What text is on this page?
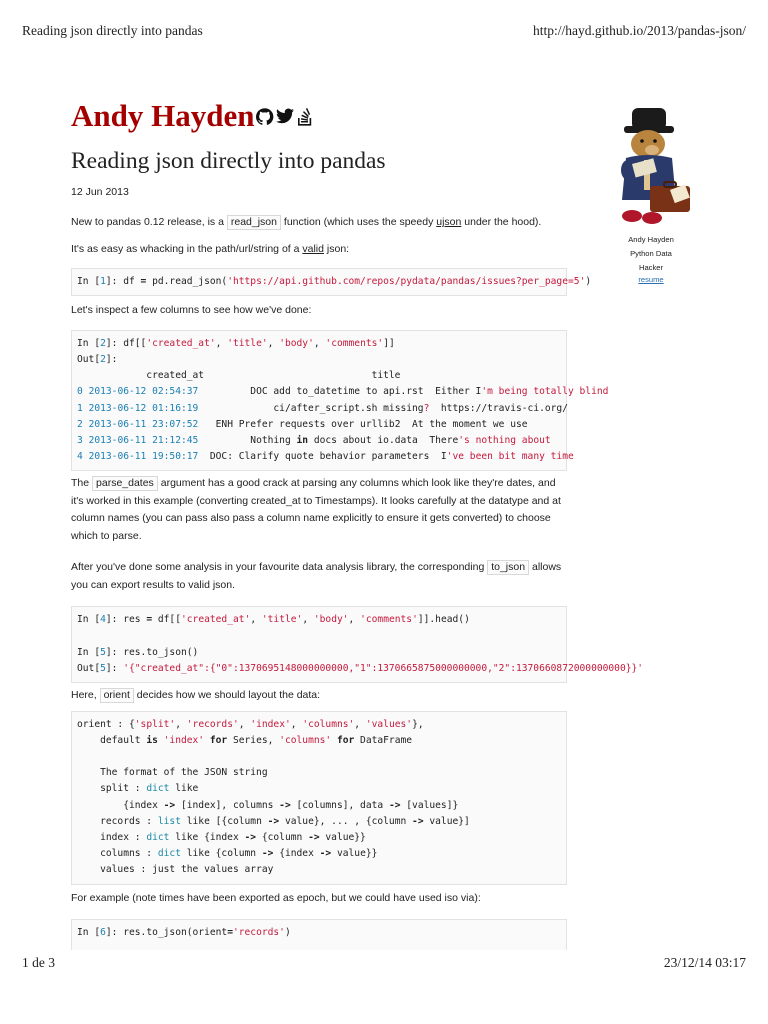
Reading json directly into pandas	http://hayd.github.io/2013/pandas-json/
Andy Hayden
Andy Hayden
Python Data
Hacker
resume
Reading json directly into pandas
12 Jun 2013

New to pandas 0.12 release, is a read_json function (which uses the speedy ujson under the hood).

It's as easy as whacking in the path/url/string of a valid json:

In [1]: df = pd.read_json('https://api.github.com/repos/pydata/pandas/issues?per_page=5')

Let's inspect a few columns to see how we've done:

In [2]: df[['created_at', 'title', 'body', 'comments']]
Out[2]:
created_at                             title
0 2013-06-12 02:54:37         DOC add to_datetime to api.rst  Either I'm being totally blind
1 2013-06-12 01:16:19             ci/after_script.sh missing?  https://travis-ci.org/
2 2013-06-11 23:07:52   ENH Prefer requests over urllib2  At the moment we use
3 2013-06-11 21:12:45         Nothing in docs about io.data  There's nothing about
4 2013-06-11 19:50:17  DOC: Clarify quote behavior parameters  I've been bit many time

The parse_dates argument has a good crack at parsing any columns which look like they're dates, and it's worked in this example (converting created_at to Timestamps). It looks carefully at the datatype and at column names (you can pass also pass a column name explicitly to ensure it gets converted) to choose which to parse.

After you've done some analysis in your favourite data analysis library, the corresponding to_json allows you can export results to valid json.

In [4]: res = df[['created_at', 'title', 'body', 'comments']].head()

In [5]: res.to_json()
Out[5]: '{"created_at":{"0":1370695148000000000,"1":1370665875000000000,"2":1370660872000000000}}'

Here, orient decides how we should layout the data:

orient : {'split', 'records', 'index', 'columns', 'values'},
default is 'index' for Series, 'columns' for DataFrame

The format of the JSON string
split : dict like
{index -> [index], columns -> [columns], data -> [values]}
records : list like [{column -> value}, ... , {column -> value}]
index : dict like {index -> {column -> value}}
columns : dict like {column -> {index -> value}}
values : just the values array

For example (note times have been exported as epoch, but we could have used iso via):

In [6]: res.to_json(orient='records')
1 de 3	23/12/14 03:17
